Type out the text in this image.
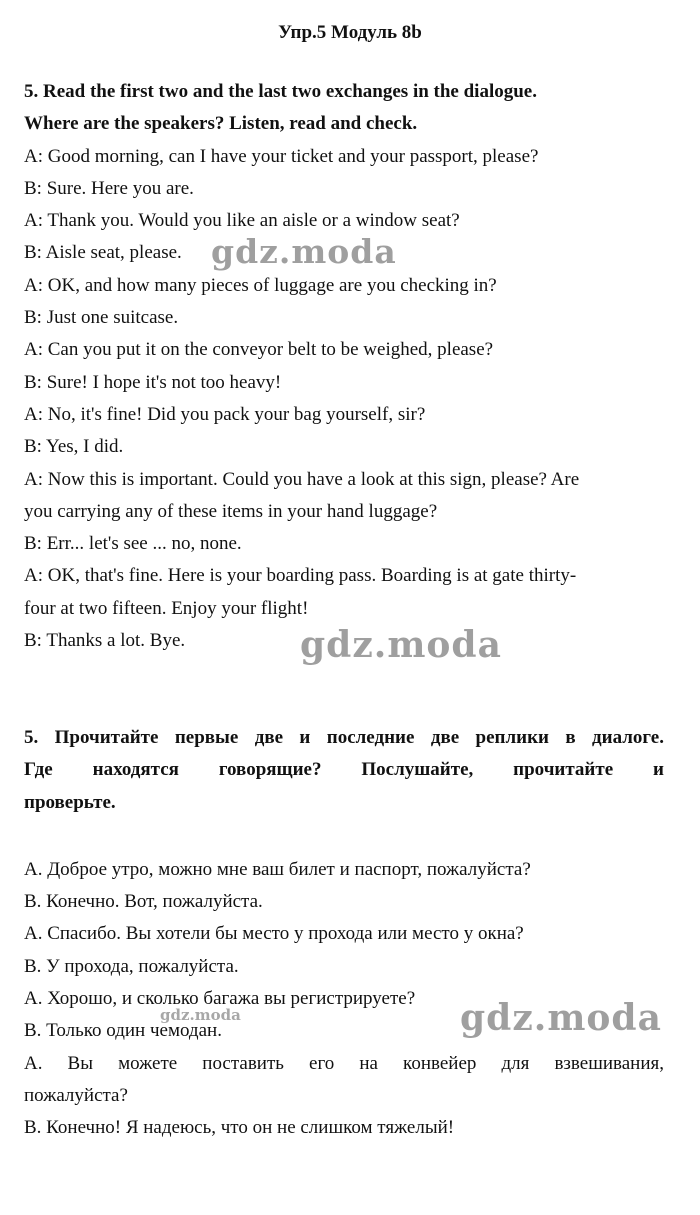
Упр.5 Модуль 8b
5. Read the first two and the last two exchanges in the dialogue.
Where are the speakers? Listen, read and check.
A: Good morning, can I have your ticket and your passport, please?
B: Sure. Here you are.
A: Thank you. Would you like an aisle or a window seat?
B: Aisle seat, please.
A: OK, and how many pieces of luggage are you checking in?
B: Just one suitcase.
A: Can you put it on the conveyor belt to be weighed, please?
B: Sure! I hope it's not too heavy!
A: No, it's fine! Did you pack your bag yourself, sir?
B: Yes, I did.
A: Now this is important. Could you have a look at this sign, please? Are
you carrying any of these items in your hand luggage?
B: Err... let's see ... no, none.
A: OK, that's fine. Here is your boarding pass. Boarding is at gate thirty-
four at two fifteen. Enjoy your flight!
B: Thanks a lot. Bye.
5. Прочитайте первые две и последние две реплики в диалоге.
Где находятся говорящие? Послушайте, прочитайте и
проверьте.
А. Доброе утро, можно мне ваш билет и паспорт, пожалуйста?
В. Конечно. Вот, пожалуйста.
А. Спасибо. Вы хотели бы место у прохода или место у окна?
В. У прохода, пожалуйста.
А. Хорошо, и сколько багажа вы регистрируете?
В. Только один чемодан.
А. Вы можете поставить его на конвейер для взвешивания,
пожалуйста?
В. Конечно! Я надеюсь, что он не слишком тяжелый!
gdz.moda
gdz.moda
gdz.moda
gdz.moda
